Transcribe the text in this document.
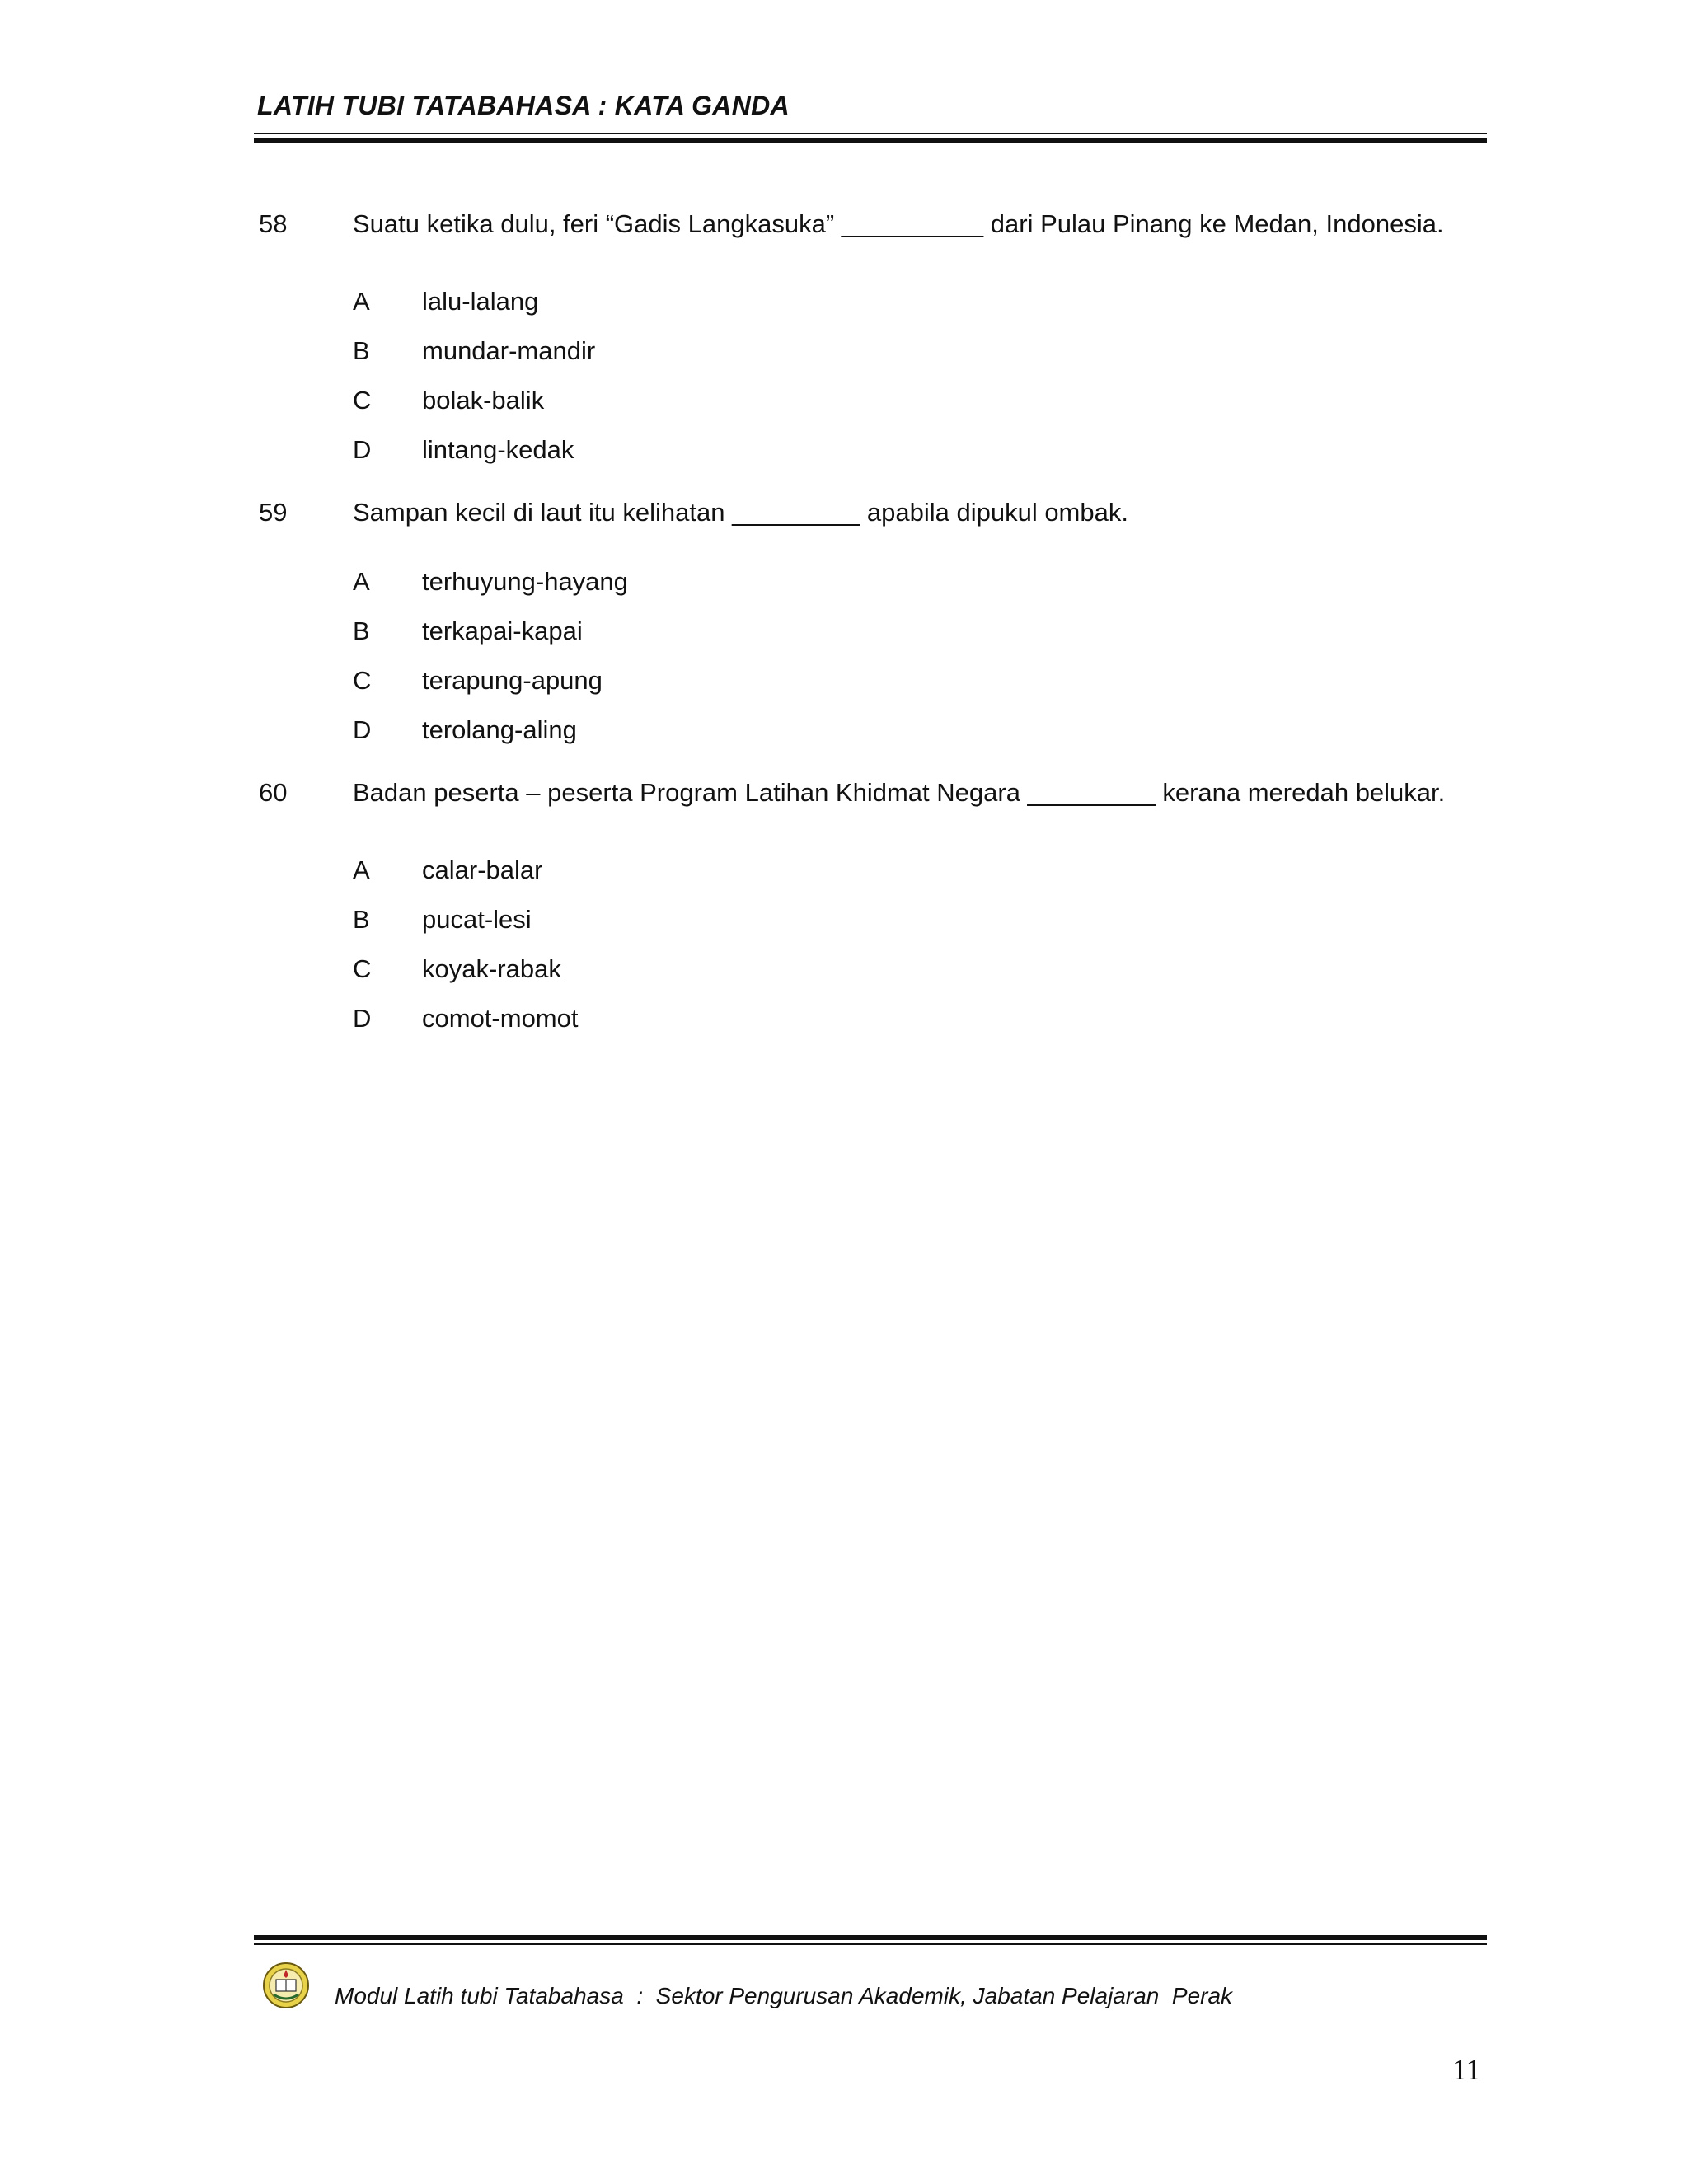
LATIH TUBI TATABAHASA : KATA GANDA
58	Suatu ketika dulu, feri “Gadis Langkasuka” __________ dari Pulau Pinang ke Medan, Indonesia.
A lalu-lalang
B mundar-mandir
C bolak-balik
D lintang-kedak
59	Sampan kecil di laut itu kelihatan _________ apabila dipukul ombak.
A terhuyung-hayang
B terkapai-kapai
C terapung-apung
D terolang-aling
60	Badan peserta – peserta Program Latihan Khidmat Negara _________ kerana meredah belukar.
A calar-balar
B pucat-lesi
C koyak-rabak
D comot-momot
Modul Latih tubi Tatabahasa  :  Sektor Pengurusan Akademik, Jabatan Pelajaran  Perak
11
